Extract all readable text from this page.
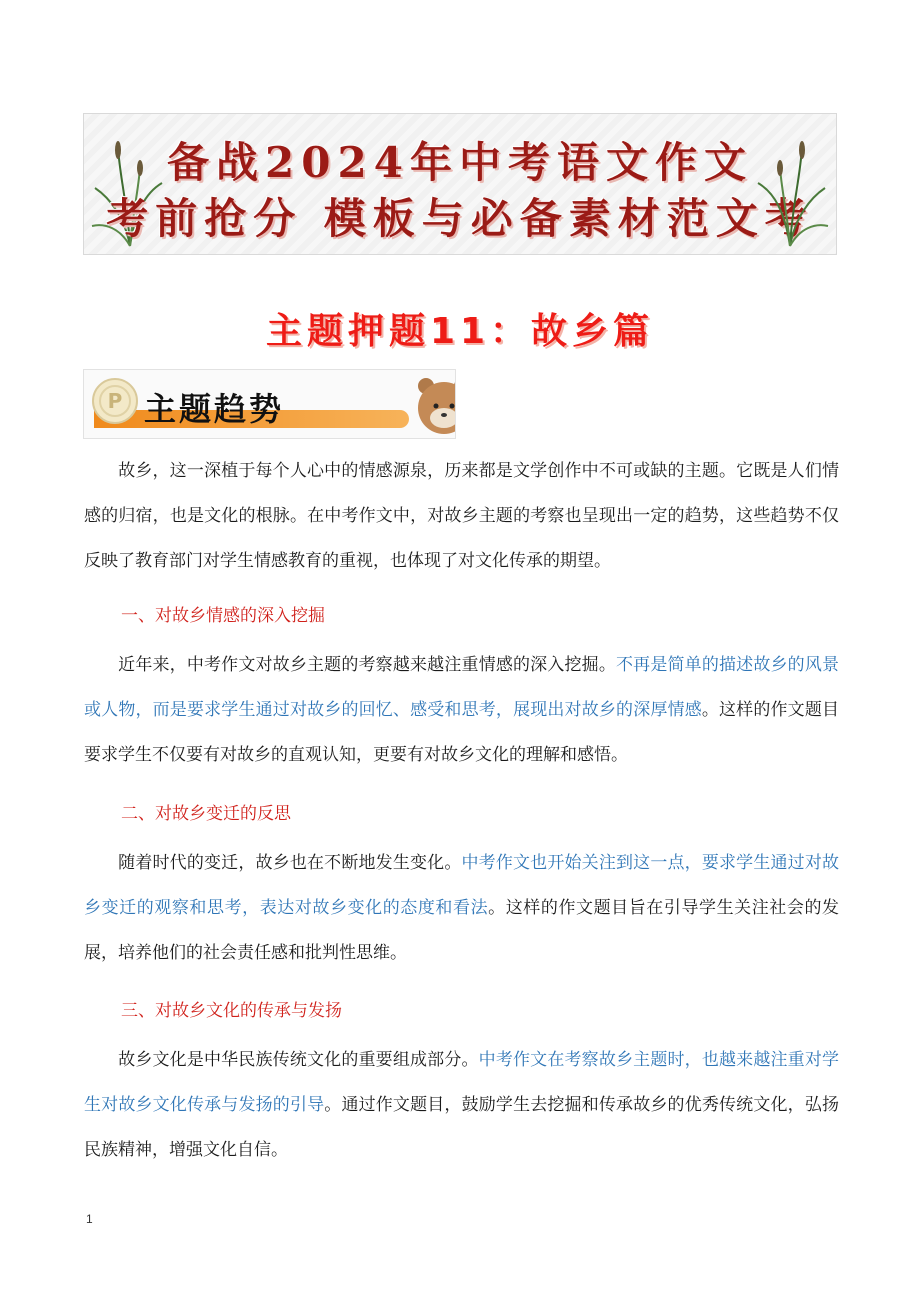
备战2024年中考语文作文
考前抢分 模板与必备素材范文考
主题押题11：故乡篇
P 主题趋势

故乡，这一深植于每个人心中的情感源泉，历来都是文学创作中不可或缺的主题。它既是人们情感的归宿，也是文化的根脉。在中考作文中，对故乡主题的考察也呈现出一定的趋势，这些趋势不仅反映了教育部门对学生情感教育的重视，也体现了对文化传承的期望。

一、对故乡情感的深入挖掘

近年来，中考作文对故乡主题的考察越来越注重情感的深入挖掘。不再是简单的描述故乡的风景或人物，而是要求学生通过对故乡的回忆、感受和思考，展现出对故乡的深厚情感。这样的作文题目要求学生不仅要有对故乡的直观认知，更要有对故乡文化的理解和感悟。

二、对故乡变迁的反思

随着时代的变迁，故乡也在不断地发生变化。中考作文也开始关注到这一点，要求学生通过对故乡变迁的观察和思考，表达对故乡变化的态度和看法。这样的作文题目旨在引导学生关注社会的发展，培养他们的社会责任感和批判性思维。

三、对故乡文化的传承与发扬

故乡文化是中华民族传统文化的重要组成部分。中考作文在考察故乡主题时，也越来越注重对学生对故乡文化传承与发扬的引导。通过作文题目，鼓励学生去挖掘和传承故乡的优秀传统文化，弘扬民族精神，增强文化自信。

1
